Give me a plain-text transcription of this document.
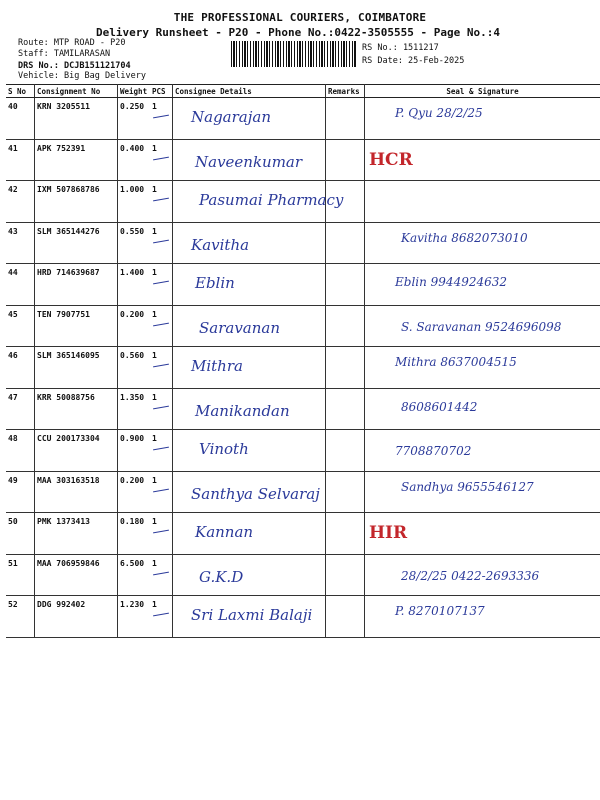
THE PROFESSIONAL COURIERS, COIMBATORE
Delivery Runsheet - P20 - Phone No.:0422-3505555 - Page No.:4
Route: MTP ROAD - P20
Staff: TAMILARASAN
DRS No.: DCJB151121704
Vehicle: Big Bag Delivery
RS No.: 1511217
RS Date: 25-Feb-2025
S No	Consignment No	Weight	PCS	Consignee Details	Remarks	Seal & Signature

40	KRN 3205511	0.250	1	Nagarajan		P. Qyu 28/2/25

41	APK 752391	0.400	1	Naveenkumar		HCR

42	IXM 507868786	1.000	1	Pasumai Pharmacy		

43	SLM 365144276	0.550	1	Kavitha		Kavitha 8682073010

44	HRD 714639687	1.400	1	Eblin		Eblin 9944924632

45	TEN 7907751	0.200	1	Saravanan		S. Saravanan 9524696098

46	SLM 365146095	0.560	1	Mithra		Mithra 8637004515

47	KRR 50088756	1.350	1	Manikandan		8608601442

48	CCU 200173304	0.900	1	Vinoth		7708870702

49	MAA 303163518	0.200	1	Santhya Selvaraj		Sandhya 9655546127

50	PMK 1373413	0.180	1	Kannan		HIR

51	MAA 706959846	6.500	1	G.K.D		28/2/25 0422-2693336

52	DDG 992402	1.230	1	Sri Laxmi Balaji		P. 8270107137
